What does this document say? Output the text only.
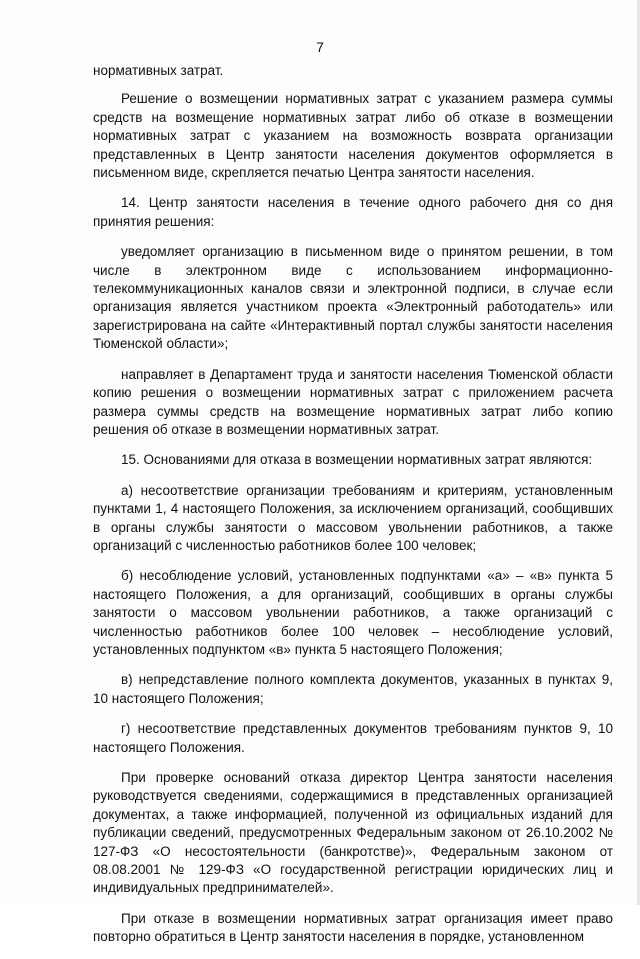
7

нормативных затрат.

Решение о возмещении нормативных затрат с указанием размера суммы средств на возмещение нормативных затрат либо об отказе в возмещении нормативных затрат с указанием на возможность возврата организации представленных в Центр занятости населения документов оформляется в письменном виде, скрепляется печатью Центра занятости населения.

14. Центр занятости населения в течение одного рабочего дня со дня принятия решения:

уведомляет организацию в письменном виде о принятом решении, в том числе в электронном виде с использованием информационно-телекоммуникационных каналов связи и электронной подписи, в случае если организация является участником проекта «Электронный работодатель» или зарегистрирована на сайте «Интерактивный портал службы занятости населения Тюменской области»;

направляет в Департамент труда и занятости населения Тюменской области копию решения о возмещении нормативных затрат с приложением расчета размера суммы средств на возмещение нормативных затрат либо копию решения об отказе в возмещении нормативных затрат.

15. Основаниями для отказа в возмещении нормативных затрат являются:

а) несоответствие организации требованиям и критериям, установленным пунктами 1, 4 настоящего Положения, за исключением организаций, сообщивших в органы службы занятости о массовом увольнении работников, а также организаций с численностью работников более 100 человек;

б) несоблюдение условий, установленных подпунктами «а» – «в» пункта 5 настоящего Положения, а для организаций, сообщивших в органы службы занятости о массовом увольнении работников, а также организаций с численностью работников более 100 человек – несоблюдение условий, установленных подпунктом «в» пункта 5 настоящего Положения;

в) непредставление полного комплекта документов, указанных в пунктах 9, 10 настоящего Положения;

г) несоответствие представленных документов требованиям пунктов 9, 10 настоящего Положения.

При проверке оснований отказа директор Центра занятости населения руководствуется сведениями, содержащимися в представленных организацией документах, а также информацией, полученной из официальных изданий для публикации сведений, предусмотренных Федеральным законом от 26.10.2002 № 127-ФЗ «О несостоятельности (банкротстве)», Федеральным законом от 08.08.2001 № 129-ФЗ «О государственной регистрации юридических лиц и индивидуальных предпринимателей».

При отказе в возмещении нормативных затрат организация имеет право повторно обратиться в Центр занятости населения в порядке, установленном
